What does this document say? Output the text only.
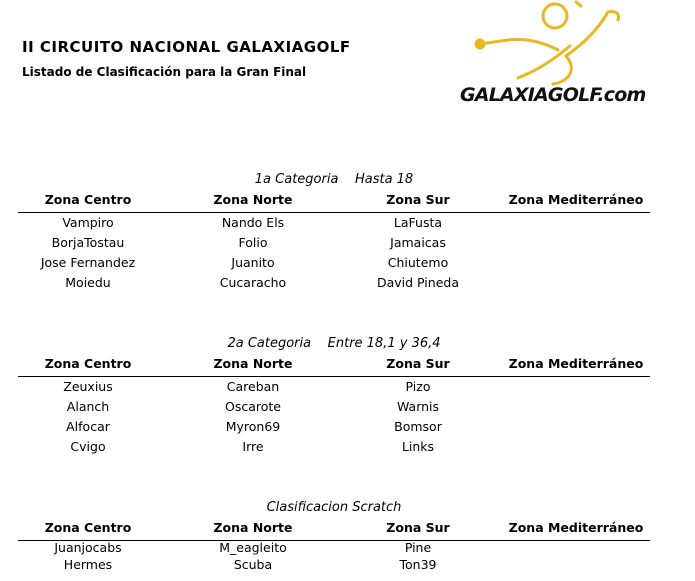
II CIRCUITO NACIONAL GALAXIAGOLF
Listado de Clasificación para la Gran Final
GALAXIAGOLF.com
1a Categoria Hasta 18
Zona Centro	Zona Norte	Zona Sur	Zona Mediterráneo
Vampiro	Nando Els	LaFusta
BorjaTostau	Folio	Jamaicas
Jose Fernandez	Juanito	Chiutemo
Moiedu	Cucaracho	David Pineda
2a Categoria Entre 18,1 y 36,4
Zona Centro	Zona Norte	Zona Sur	Zona Mediterráneo
Zeuxius	Careban	Pizo
Alanch	Oscarote	Warnis
Alfocar	Myron69	Bomsor
Cvigo	Irre	Links
Clasificacion Scratch
Zona Centro	Zona Norte	Zona Sur	Zona Mediterráneo
Juanjocabs	M_eagleito	Pine
Hermes	Scuba	Ton39
